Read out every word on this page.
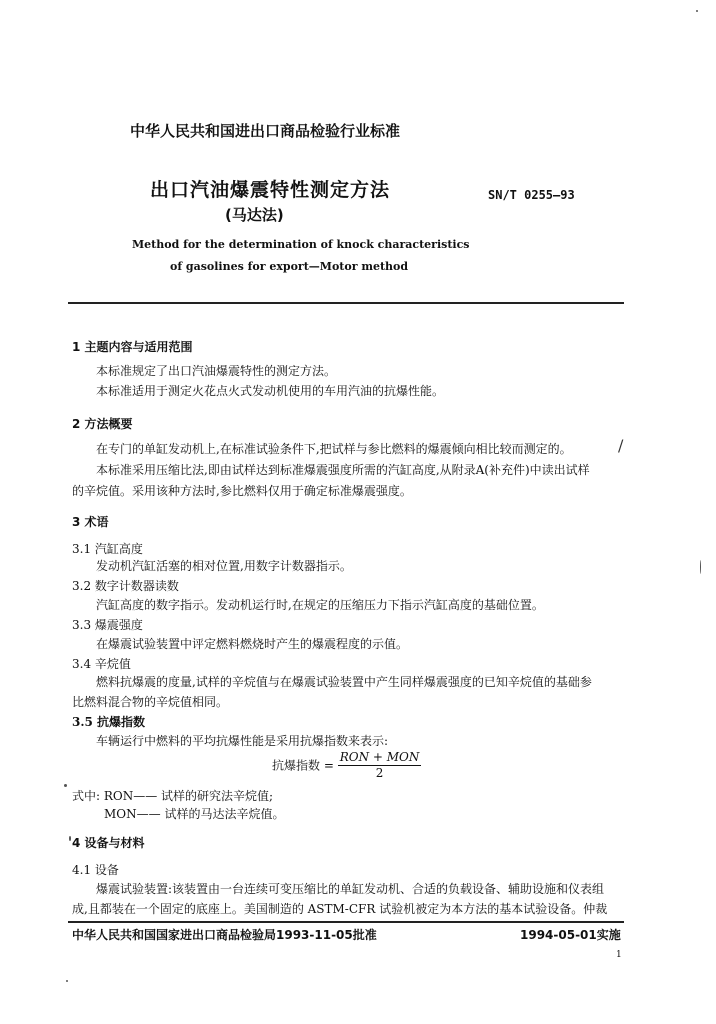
中华人民共和国进出口商品检验行业标准
出口汽油爆震特性测定方法
(马达法)
SN/T 0255—93
Method for the determination of knock characteristics
of gasolines for export—Motor method
1 主题内容与适用范围
本标准规定了出口汽油爆震特性的测定方法。
本标准适用于测定火花点火式发动机使用的车用汽油的抗爆性能。
2 方法概要
在专门的单缸发动机上,在标准试验条件下,把试样与参比燃料的爆震倾向相比较而测定的。	/
本标准采用压缩比法,即由试样达到标准爆震强度所需的汽缸高度,从附录A(补充件)中读出试样
的辛烷值。采用该种方法时,参比燃料仅用于确定标准爆震强度。
3 术语
3.1 汽缸高度
发动机汽缸活塞的相对位置,用数字计数器指示。
3.2 数字计数器读数
汽缸高度的数字指示。发动机运行时,在规定的压缩压力下指示汽缸高度的基础位置。
3.3 爆震强度
在爆震试验装置中评定燃料燃烧时产生的爆震程度的示值。
3.4 辛烷值
燃料抗爆震的度量,试样的辛烷值与在爆震试验装置中产生同样爆震强度的已知辛烷值的基础参
比燃料混合物的辛烷值相同。
3.5 抗爆指数
车辆运行中燃料的平均抗爆性能是采用抗爆指数来表示:
抗爆指数 = $\frac{\text{RON + MON}}{2}$
式中: RON—— 试样的研究法辛烷值;
MON—— 试样的马达法辛烷值。
4 设备与材料
4.1 设备
爆震试验装置:该装置由一台连续可变压缩比的单缸发动机、合适的负载设备、辅助设施和仪表组
成,且都装在一个固定的底座上。美国制造的 ASTM-CFR 试验机被定为本方法的基本试验设备。仲裁
中华人民共和国国家进出口商品检验局1993-11-05批准	1994-05-01实施
1
